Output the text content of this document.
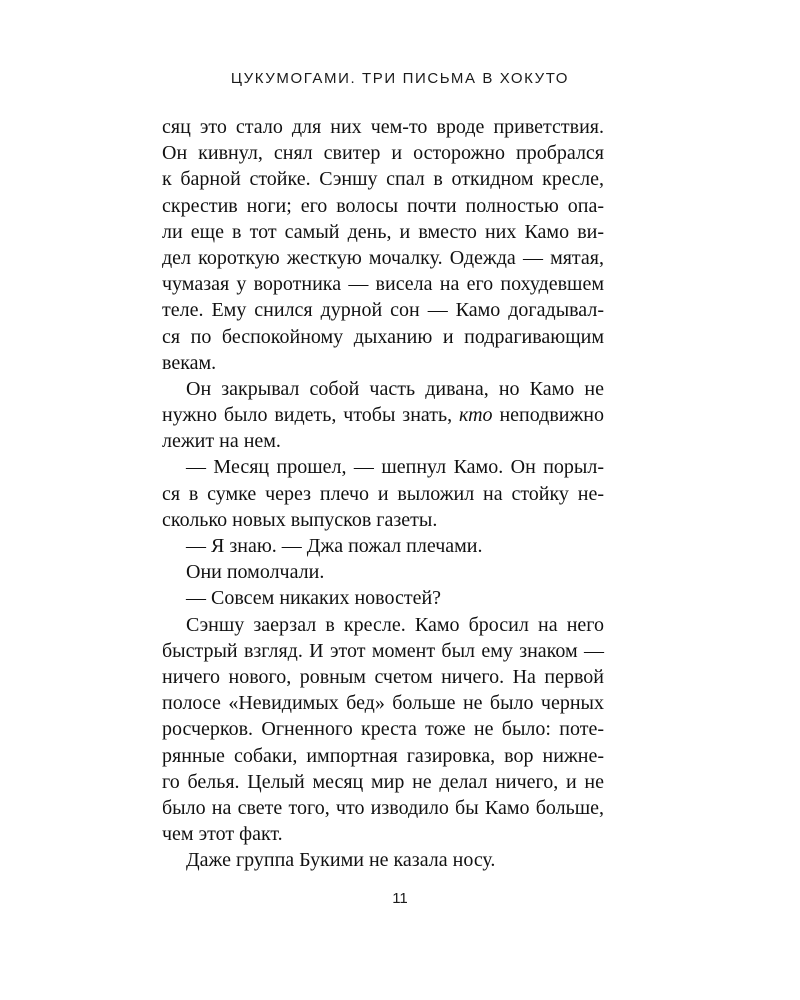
ЦУКУМОГАМИ. ТРИ ПИСЬМА В ХОКУТО
сяц это стало для них чем-то вроде приветствия.
Он кивнул, снял свитер и осторожно пробрался
к барной стойке. Сэншу спал в откидном кресле,
скрестив ноги; его волосы почти полностью опа-
ли еще в тот самый день, и вместо них Камо ви-
дел короткую жесткую мочалку. Одежда — мятая,
чумазая у воротника — висела на его похудевшем
теле. Ему снился дурной сон — Камо догадывал-
ся по беспокойному дыханию и подрагивающим
векам.
Он закрывал собой часть дивана, но Камо не
нужно было видеть, чтобы знать, кто неподвижно
лежит на нем.
— Месяц прошел, — шепнул Камо. Он порыл-
ся в сумке через плечо и выложил на стойку не-
сколько новых выпусков газеты.
— Я знаю. — Джа пожал плечами.
Они помолчали.
— Совсем никаких новостей?
Сэншу заерзал в кресле. Камо бросил на него
быстрый взгляд. И этот момент был ему знаком —
ничего нового, ровным счетом ничего. На первой
полосе «Невидимых бед» больше не было черных
росчерков. Огненного креста тоже не было: поте-
рянные собаки, импортная газировка, вор нижне-
го белья. Целый месяц мир не делал ничего, и не
было на свете того, что изводило бы Камо больше,
чем этот факт.
Даже группа Букими не казала носу.
11
